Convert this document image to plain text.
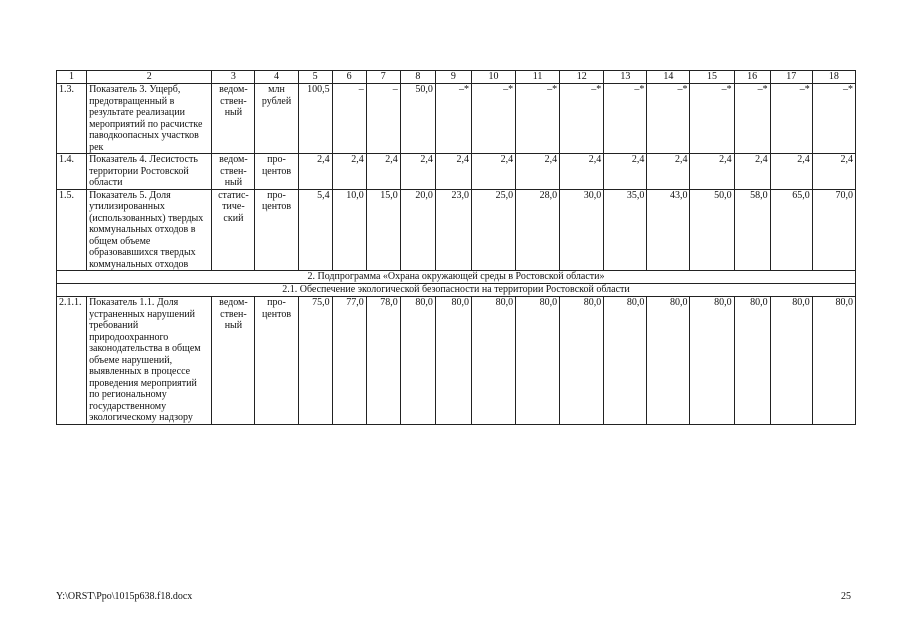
1	2	3	4	5	6	7	8	9	10	11	12	13	14	15	16	17	18
1.3.	Показатель 3. Ущерб, предотвращенный в результате реализации мероприятий по расчистке паводкоопасных участков рек	ведом-ствен-ный	млн рублей	100,5	–	–	50,0	–*	–*	–*	–*	–*	–*	–*	–*	–*	–*
1.4.	Показатель 4. Лесистость территории Ростовской области	ведом-ствен-ный	про-центов	2,4	2,4	2,4	2,4	2,4	2,4	2,4	2,4	2,4	2,4	2,4	2,4	2,4	2,4
1.5.	Показатель 5. Доля утилизированных (использованных) твердых коммунальных отходов в общем объеме образовавшихся твердых коммунальных отходов	статис-тиче-ский	про-центов	5,4	10,0	15,0	20,0	23,0	25,0	28,0	30,0	35,0	43,0	50,0	58,0	65,0	70,0
2. Подпрограмма «Охрана окружающей среды в Ростовской области»																	
2.1. Обеспечение экологической безопасности на территории Ростовской области																	
2.1.1.	Показатель 1.1. Доля устраненных нарушений требований природоохранного законодательства в общем объеме нарушений, выявленных в процессе проведения мероприятий по региональному государственному экологическому надзору	ведом-ствен-ный	про-центов	75,0	77,0	78,0	80,0	80,0	80,0	80,0	80,0	80,0	80,0	80,0	80,0	80,0	80,0
Y:\ORST\Ppo\1015p638.f18.docx	25
